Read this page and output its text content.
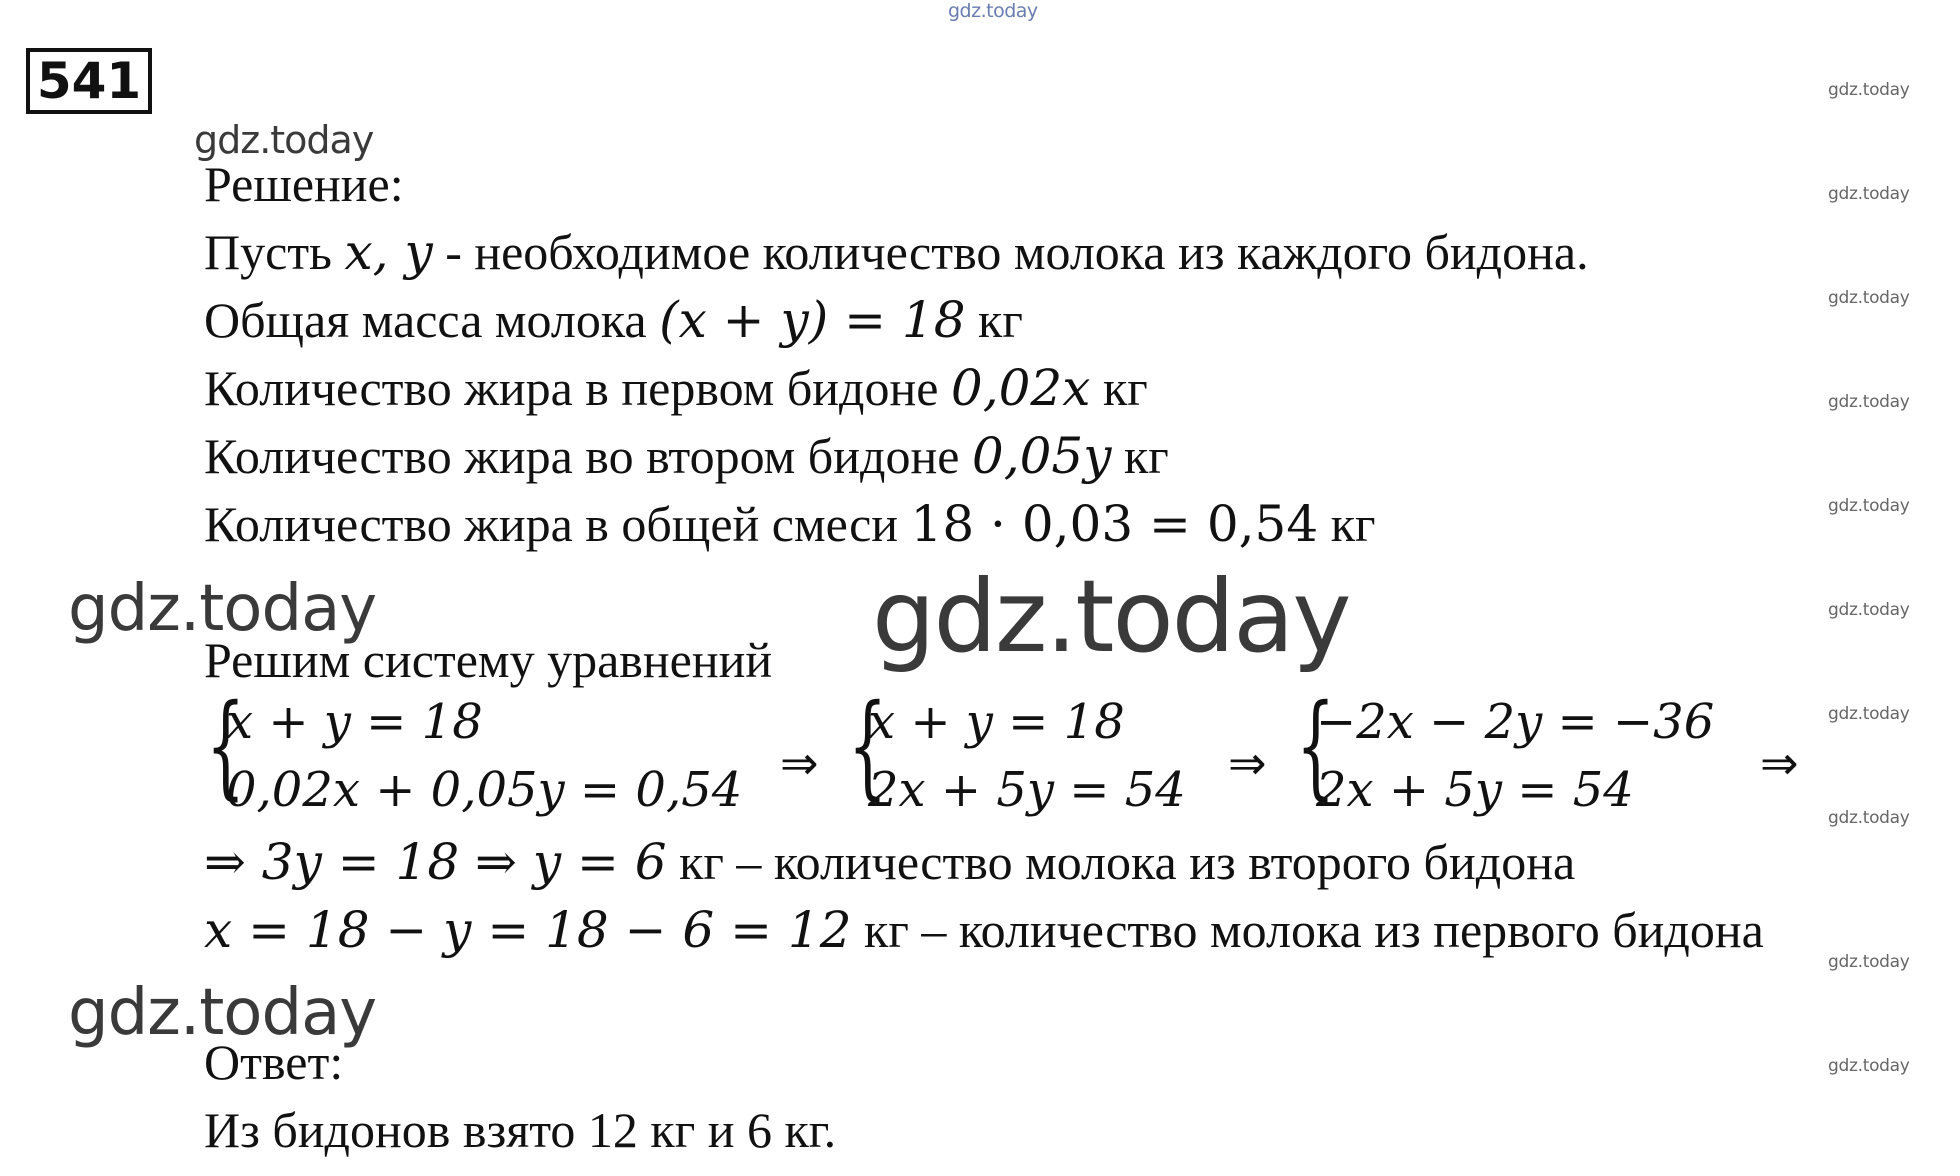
gdz.today
gdz.today
gdz.today
gdz.today
gdz.today
gdz.today
gdz.today
gdz.today
gdz.today
gdz.today
gdz.today
gdz.today
gdz.today	gdz.today
gdz.today
541
Решение:
Пусть x, y - необходимое количество молока из каждого бидона.
Общая масса молока (x + y) = 18 кг
Количество жира в первом бидоне 0,02x кг
Количество жира во втором бидоне 0,05y кг
Количество жира в общей смеси 18 · 0,03 = 0,54 кг
Решим систему уравнений
{
x + y = 18
0,02x + 0,05y = 0,54 ⇒ {
x + y = 18
2x + 5y = 54 ⇒ {
−2x − 2y = −36
2x + 5y = 54	⇒
⇒ 3y = 18 ⇒ y = 6 кг – количество молока из второго бидона
x = 18 − y = 18 − 6 = 12 кг – количество молока из первого бидона
Ответ:
Из бидонов взято 12 кг и 6 кг.
